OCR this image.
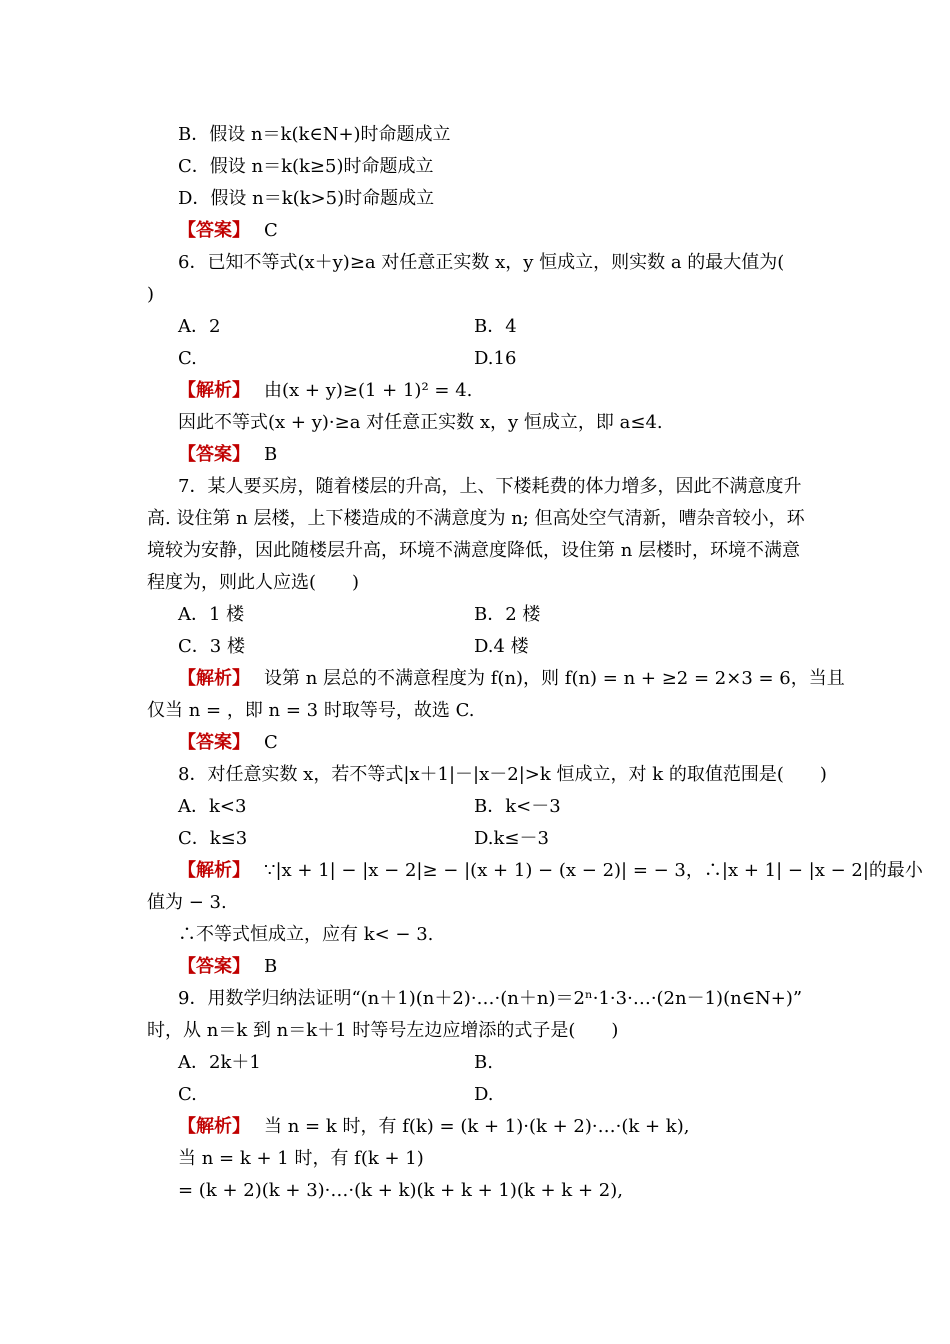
B．假设 n＝k(k∈N+)时命题成立
C．假设 n＝k(k≥5)时命题成立
D．假设 n＝k(k>5)时命题成立
【答案】 C
6．已知不等式(x＋y)≥a 对任意正实数 x，y 恒成立，则实数 a 的最大值为(
)
A．2	B．4
C.	D.16
【解析】 由(x + y)≥(1 + 1)² = 4.
因此不等式(x + y)·≥a 对任意正实数 x，y 恒成立，即 a≤4.
【答案】 B
7．某人要买房，随着楼层的升高，上、下楼耗费的体力增多，因此不满意度升
高. 设住第 n 层楼，上下楼造成的不满意度为 n; 但高处空气清新，嘈杂音较小，环
境较为安静，因此随楼层升高，环境不满意度降低，设住第 n 层楼时，环境不满意
程度为，则此人应选(　　)
A．1 楼	B．2 楼
C．3 楼	D.4 楼
【解析】 设第 n 层总的不满意程度为 f(n)，则 f(n) = n + ≥2 = 2×3 = 6，当且
仅当 n = ，即 n = 3 时取等号，故选 C.
【答案】 C
8．对任意实数 x，若不等式|x＋1|－|x－2|>k 恒成立，对 k 的取值范围是(　　)
A．k<3	B．k<－3
C．k≤3	D.k≤－3
【解析】 ∵|x + 1| − |x − 2|≥ − |(x + 1) − (x − 2)| = − 3，∴|x + 1| − |x − 2|的最小
值为 − 3.
∴不等式恒成立，应有 k< − 3.
【答案】 B
9．用数学归纳法证明“(n＋1)(n＋2)·…·(n＋n)＝2ⁿ·1·3·…·(2n－1)(n∈N+)”
时，从 n＝k 到 n＝k＋1 时等号左边应增添的式子是(　　)
A．2k＋1	B.
C.	D.
【解析】 当 n = k 时，有 f(k) = (k + 1)·(k + 2)·…·(k + k),
当 n = k + 1 时，有 f(k + 1)
= (k + 2)(k + 3)·…·(k + k)(k + k + 1)(k + k + 2),
